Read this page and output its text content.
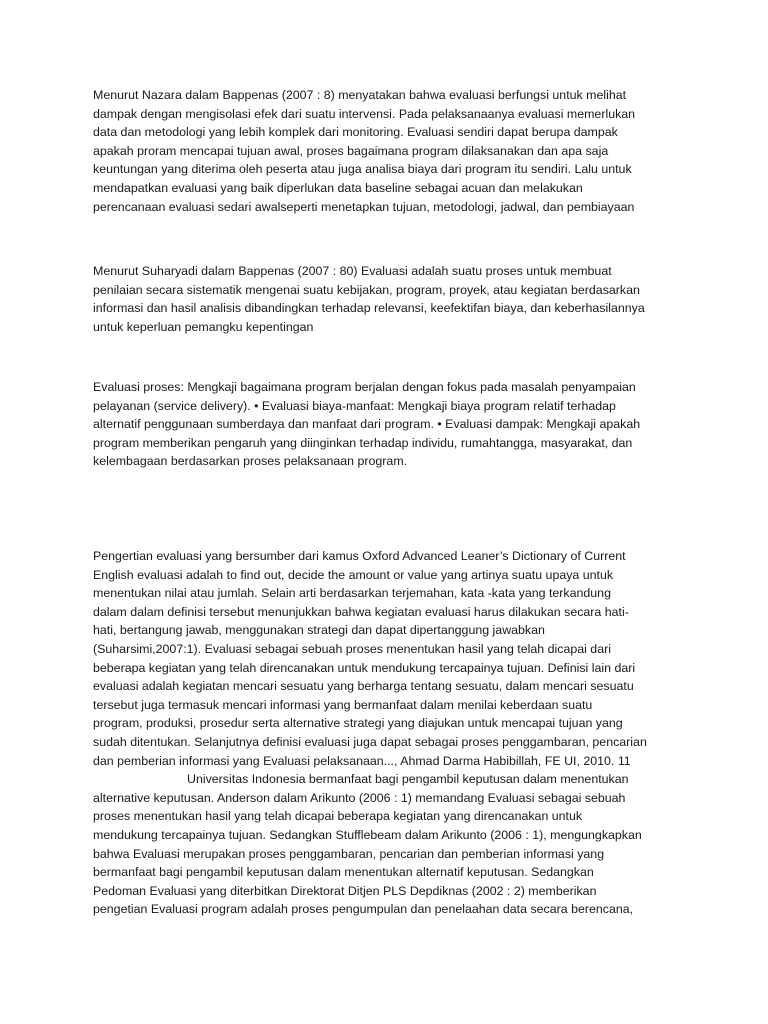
Menurut Nazara dalam Bappenas (2007 : 8) menyatakan bahwa evaluasi berfungsi untuk melihat
dampak dengan mengisolasi efek dari suatu intervensi. Pada pelaksanaanya evaluasi memerlukan
data dan metodologi yang lebih komplek dari monitoring. Evaluasi sendiri dapat berupa dampak
apakah proram mencapai tujuan awal, proses bagaimana program dilaksanakan dan apa saja
keuntungan yang diterima oleh peserta atau juga analisa biaya dari program itu sendiri. Lalu untuk
mendapatkan evaluasi yang baik diperlukan data baseline sebagai acuan dan melakukan
perencanaan evaluasi sedari awalseperti menetapkan tujuan, metodologi, jadwal, dan pembiayaan
Menurut Suharyadi dalam Bappenas (2007 : 80) Evaluasi adalah suatu proses untuk membuat
penilaian secara sistematik mengenai suatu kebijakan, program, proyek, atau kegiatan berdasarkan
informasi dan hasil analisis dibandingkan terhadap relevansi, keefektifan biaya, dan keberhasilannya
untuk keperluan pemangku kepentingan
Evaluasi proses: Mengkaji bagaimana program berjalan dengan fokus pada masalah penyampaian
pelayanan (service delivery). • Evaluasi biaya-manfaat: Mengkaji biaya program relatif terhadap
alternatif penggunaan sumberdaya dan manfaat dari program. • Evaluasi dampak: Mengkaji apakah
program memberikan pengaruh yang diinginkan terhadap individu, rumahtangga, masyarakat, dan
kelembagaan berdasarkan proses pelaksanaan program.
Pengertian evaluasi yang bersumber dari kamus Oxford Advanced Leaner’s Dictionary of Current
English evaluasi adalah to find out, decide the amount or value yang artinya suatu upaya untuk
menentukan nilai atau jumlah. Selain arti berdasarkan terjemahan, kata -kata yang terkandung
dalam dalam definisi tersebut menunjukkan bahwa kegiatan evaluasi harus dilakukan secara hati-
hati, bertangung jawab, menggunakan strategi dan dapat dipertanggung jawabkan
(Suharsimi,2007:1). Evaluasi sebagai sebuah proses menentukan hasil yang telah dicapai dari
beberapa kegiatan yang telah direncanakan untuk mendukung tercapainya tujuan. Definisi lain dari
evaluasi adalah kegiatan mencari sesuatu yang berharga tentang sesuatu, dalam mencari sesuatu
tersebut juga termasuk mencari informasi yang bermanfaat dalam menilai keberdaan suatu
program, produksi, prosedur serta alternative strategi yang diajukan untuk mencapai tujuan yang
sudah ditentukan. Selanjutnya definisi evaluasi juga dapat sebagai proses penggambaran, pencarian
dan pemberian informasi yang Evaluasi pelaksanaan..., Ahmad Darma Habibillah, FE UI, 2010. 11
Universitas Indonesia bermanfaat bagi pengambil keputusan dalam menentukan
alternative keputusan. Anderson dalam Arikunto (2006 : 1) memandang Evaluasi sebagai sebuah
proses menentukan hasil yang telah dicapai beberapa kegiatan yang direncanakan untuk
mendukung tercapainya tujuan. Sedangkan Stufflebeam dalam Arikunto (2006 : 1), mengungkapkan
bahwa Evaluasi merupakan proses penggambaran, pencarian dan pemberian informasi yang
bermanfaat bagi pengambil keputusan dalam menentukan alternatif keputusan. Sedangkan
Pedoman Evaluasi yang diterbitkan Direktorat Ditjen PLS Depdiknas (2002 : 2) memberikan
pengetian Evaluasi program adalah proses pengumpulan dan penelaahan data secara berencana,
